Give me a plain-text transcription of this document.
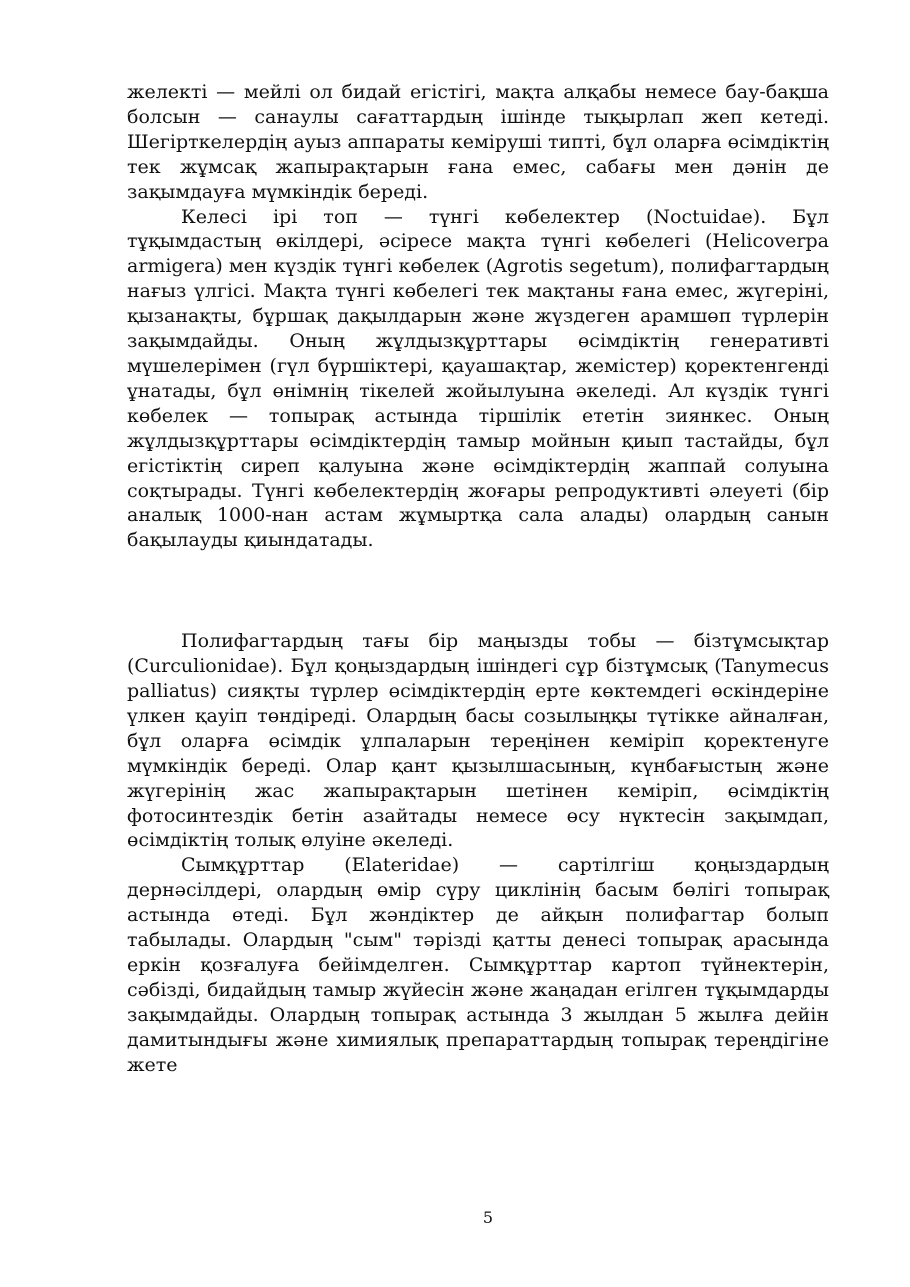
желекті — мейлі ол бидай егістігі, мақта алқабы немесе бау-бақша болсын — санаулы сағаттардың ішінде тықырлап жеп кетеді. Шегірткелердің ауыз аппараты кеміруші типті, бұл оларға өсімдіктің тек жұмсақ жапырақтарын ғана емес, сабағы мен дәнін де зақымдауға мүмкіндік береді.

Келесі ірі топ — түнгі көбелектер (Noctuidae). Бұл тұқымдастың өкілдері, әсіресе мақта түнгі көбелегі (Helicoverpa armigera) мен күздік түнгі көбелек (Agrotis segetum), полифагтардың нағыз үлгісі. Мақта түнгі көбелегі тек мақтаны ғана емес, жүгеріні, қызанақты, бұршақ дақылдарын және жүздеген арамшөп түрлерін зақымдайды. Оның жұлдызқұрттары өсімдіктің генеративті мүшелерімен (гүл бүршіктері, қауашақтар, жемістер) қоректенгенді ұнатады, бұл өнімнің тікелей жойылуына әкеледі. Ал күздік түнгі көбелек — топырақ астында тіршілік ететін зиянкес. Оның жұлдызқұрттары өсімдіктердің тамыр мойнын қиып тастайды, бұл егістіктің сиреп қалуына және өсімдіктердің жаппай солуына соқтырады. Түнгі көбелектердің жоғары репродуктивті әлеуеті (бір аналық 1000-нан астам жұмыртқа сала алады) олардың санын бақылауды қиындатады.

Полифагтардың тағы бір маңызды тобы — бізтұмсықтар (Curculionidae). Бұл қоңыздардың ішіндегі сұр бізтұмсық (Tanymecus palliatus) сияқты түрлер өсімдіктердің ерте көктемдегі өскіндеріне үлкен қауіп төндіреді. Олардың басы созылыңқы түтікке айналған, бұл оларға өсімдік ұлпаларын тереңінен кеміріп қоректенуге мүмкіндік береді. Олар қант қызылшасының, күнбағыстың және жүгерінің жас жапырақтарын шетінен кеміріп, өсімдіктің фотосинтездік бетін азайтады немесе өсу нүктесін зақымдап, өсімдіктің толық өлуіне әкеледі.

Сымқұрттар (Elateridae) — сартілгіш қоңыздардың дернәсілдері, олардың өмір сүру циклінің басым бөлігі топырақ астында өтеді. Бұл жәндіктер де айқын полифагтар болып табылады. Олардың "сым" тәрізді қатты денесі топырақ арасында еркін қозғалуға бейімделген. Сымқұрттар картоп түйнектерін, сәбізді, бидайдың тамыр жүйесін және жаңадан егілген тұқымдарды зақымдайды. Олардың топырақ астында 3 жылдан 5 жылға дейін дамитындығы және химиялық препараттардың топырақ тереңдігіне жете

5
